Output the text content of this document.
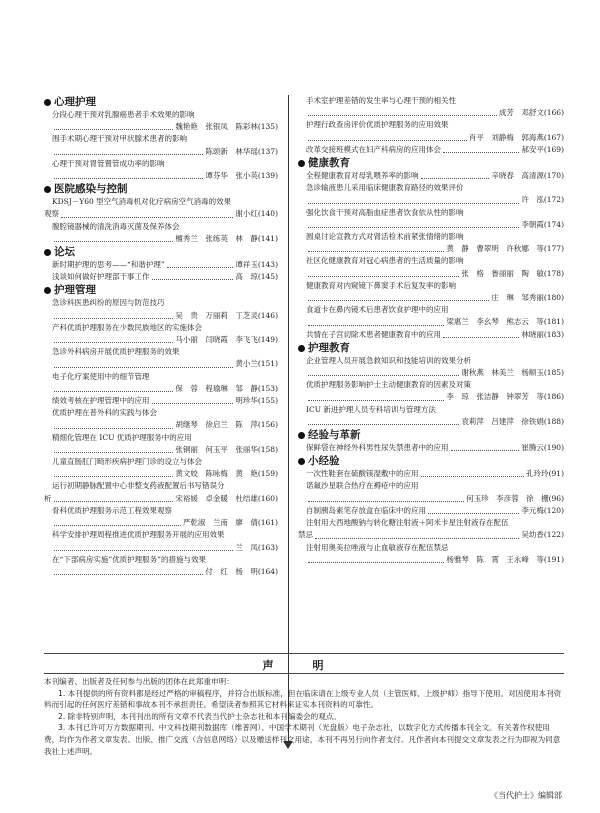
心理护理
分段心理干预对乳腺癌患者手术效果的影响
魏艳艳　张银凤　陈彩林(135)
围手术期心理干预对甲状腺术患者的影响
陈颂新　林华瑶(137)
心理干预对胃管置管成功率的影响
谭芬华　张小英(139)
医院感染与控制
KDSJ－Y60 型空气消毒机对化疗病房空气消毒的效果
观察	谢小红(140)
腹腔镜器械的清洗消毒灭菌及保养体会
檀秀兰　张练英　林　静(141)
论坛
新时期护理的思考——“和谐护理”	谭祥玉(143)
浅谈如何做好护理部干事工作	高　琼(145)
护理管理
急诊科医患纠纷的原因与防范技巧
吴　贵　万丽莉　丁芝灵(146)
产科优质护理服务在少数民族地区的实施体会
马小丽　闫晓霞　李飞飞(149)
急诊外科病房开展优质护理服务的效果
黄小兰(151)
电子化疗案使用中的细节管理
保　蓉　程瑜琳　邹　静(153)
绩效考核在护理管理中的应用	明珍华(155)
优质护理在普外科的实践与体会
胡继琴　徐启兰　陈　萍(156)
精细化管理在 ICU 优质护理服务中的应用
张铜丽　何玉平　张丽华(158)
儿童直肠肛门畸形疾病护理门诊的设立与体会
黄文姣　陈咏梅　黄　艳(159)
运行初期静脉配置中心非整支药液配置后书写错误分
析	宋裕媛　卓金暖　杜结雄(160)
骨科优质护理服务示范工程效果观察
严乾淑　兰南　廖　倩(161)
科学安排护理周程推进优质护理服务开展的应用效果
兰　凤(163)
在“下部病房实施”优质护理服务”的措施与效果
付　红　杨　明(164)
手术室护理差错的发生率与心理干预的相关性
成芳　邓舒文(166)
护理行政查房评价优质护理服务的应用效果
肖平　刘静梅　郭海燕(167)
改革交接班模式在妇产科病房的应用体会	郝安平(169)
健康教育
全程健康教育对母乳喂养率的影响	辛晓春　高清源(170)
急诊输液患儿采用临床健康教育路径的效果评价
许　泓(172)
强化饮食干预对高脂血症患者饮食依从性的影响
李朝霞(174)
圆桌讨论宣教方式对肾活检术前紧张情绪的影响
黄　静　曹翠明　许秋娜　等(177)
社区化健康教育对冠心病患者的生活质量的影响
张　格　鲁丽丽　陶　敏(178)
健康教育对内窥镜下鼻窦手术后复发率的影响
庄　琳　邹秀丽(180)
食道卡在鼻内镜术后患者饮食护理中的应用
梁惠兰　李幺琴　熊志云　等(181)
共情在子宫切除术患者健康教育中的应用	林晓丽(183)
护理教育
企业管理人员开展急救知识和技能培训的效果分析
谢秋燕　林美兰　杨顺玉(185)
优质护理服务影响护士主动健康教育的因素及对策
李　琼　张洁静　钟翠芳　等(186)
ICU 新进护理人员专科培训与管理方法
袁莉萍　吕建萍　徐铁娟(188)
经验与革新
保鲜袋在神经外科男性尿失禁患者中的应用	崔腾云(190)
小经验
一次性鞋套在硫酸镁湿敷中的应用	孔玲玲(91)
诺氟沙星联合热疗在褥疮中的应用
何玉珍　李彦蓉　徐　栅(96)
自制胰岛素笔存放盒在临床中的应用	李元梅(120)
注射用大西地酸钠与转化糖注射液＋阿米卡星注射液存在配伍
禁忌	吴幼香(122)
注射用奥美拉唑液与止血敏液存在配伍禁忌
杨雅琴　陈　霄　王永峰　等(191)
声　明

本刊编者、出版者及任何参与出版的团体在此郑重申明：

1. 本刊提供的所有资料都是经过严格的审稿程序，并符合出版标准，但在临床请在上级专业人员（主管医师、上级护师）指导下使用。对因使用本刊资料而引起的任何医疗差错和事故本刊不承担责任。希望读者参照其它材料来证实本刊资料的可靠性。

2. 除非特别声明，本刊刊出的所有文章不代表当代护士杂志社和本刊编委会的观点。

3. 本刊已许可万方数据期刊、中文科技期刊数据库（维普网）、中国学术期刊（光盘版）电子杂志社，以数字化方式传播本刊全文。有关著作权使用费，均作为作者文章发表、出版、推广交流（含信息网络）以及赠送样刊之用途，本刊不再另行向作者支付。凡作者向本刊提交文章发表之行为即视为同意我社上述声明。

《当代护士》编辑部
